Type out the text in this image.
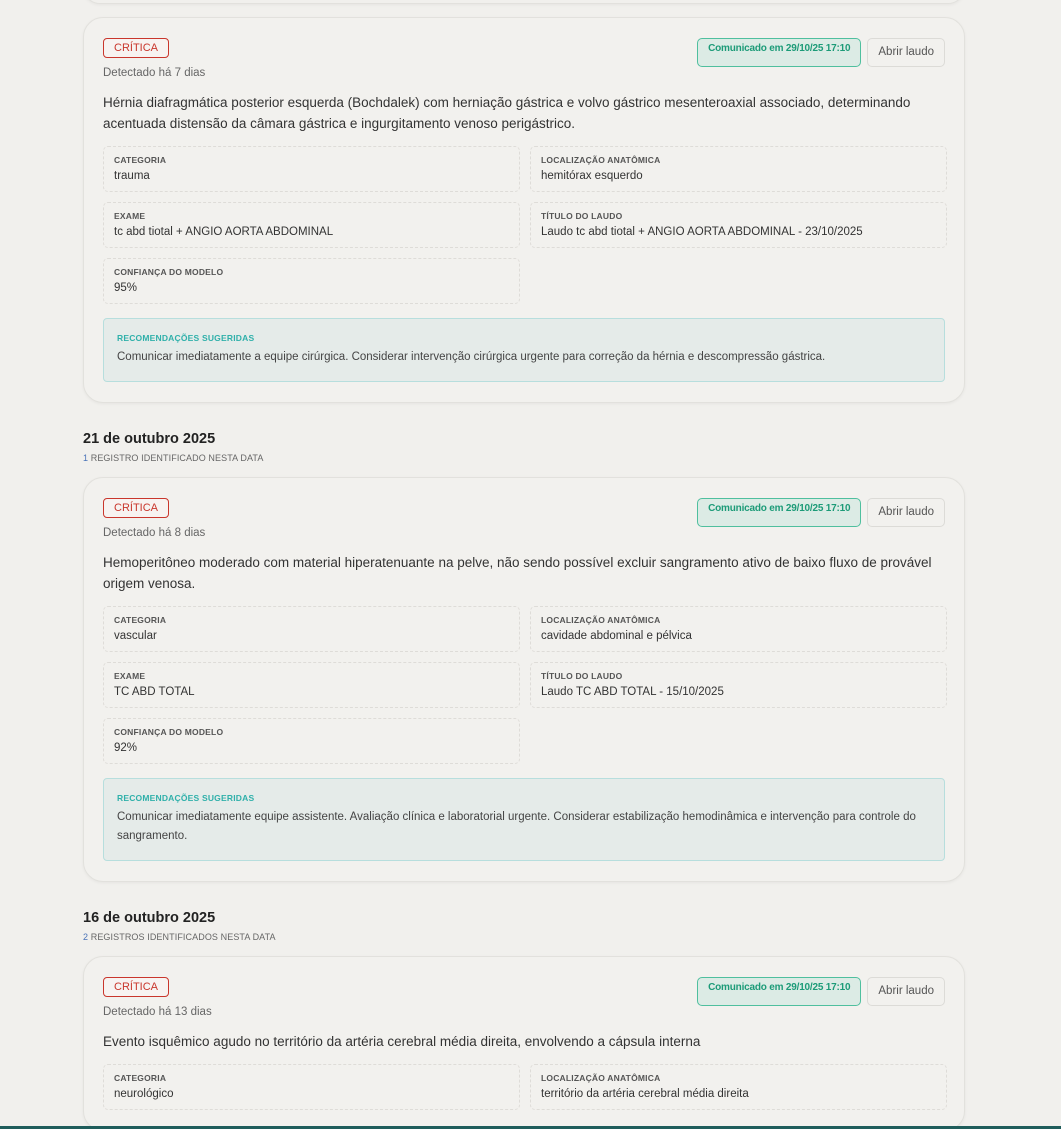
CRÍTICA
Detectado há 7 dias
Comunicado em 29/10/25 17:10	Abrir laudo
Hérnia diafragmática posterior esquerda (Bochdalek) com herniação gástrica e volvo gástrico mesenteroaxial associado, determinando acentuada distensão da câmara gástrica e ingurgitamento venoso perigástrico.
CATEGORIA
trauma
LOCALIZAÇÃO ANATÔMICA
hemitórax esquerdo
EXAME
tc abd tiotal + ANGIO AORTA ABDOMINAL
TÍTULO DO LAUDO
Laudo tc abd tiotal + ANGIO AORTA ABDOMINAL - 23/10/2025
CONFIANÇA DO MODELO
95%
RECOMENDAÇÕES SUGERIDAS
Comunicar imediatamente a equipe cirúrgica. Considerar intervenção cirúrgica urgente para correção da hérnia e descompressão gástrica.
21 de outubro 2025
1 REGISTRO IDENTIFICADO NESTA DATA
CRÍTICA
Detectado há 8 dias
Comunicado em 29/10/25 17:10	Abrir laudo
Hemoperitôneo moderado com material hiperatenuante na pelve, não sendo possível excluir sangramento ativo de baixo fluxo de provável origem venosa.
CATEGORIA
vascular
LOCALIZAÇÃO ANATÔMICA
cavidade abdominal e pélvica
EXAME
TC ABD TOTAL
TÍTULO DO LAUDO
Laudo TC ABD TOTAL - 15/10/2025
CONFIANÇA DO MODELO
92%
RECOMENDAÇÕES SUGERIDAS
Comunicar imediatamente equipe assistente. Avaliação clínica e laboratorial urgente. Considerar estabilização hemodinâmica e intervenção para controle do sangramento.
16 de outubro 2025
2 REGISTROS IDENTIFICADOS NESTA DATA
CRÍTICA
Detectado há 13 dias
Comunicado em 29/10/25 17:10	Abrir laudo
Evento isquêmico agudo no território da artéria cerebral média direita, envolvendo a cápsula interna
CATEGORIA
neurológico
LOCALIZAÇÃO ANATÔMICA
território da artéria cerebral média direita
